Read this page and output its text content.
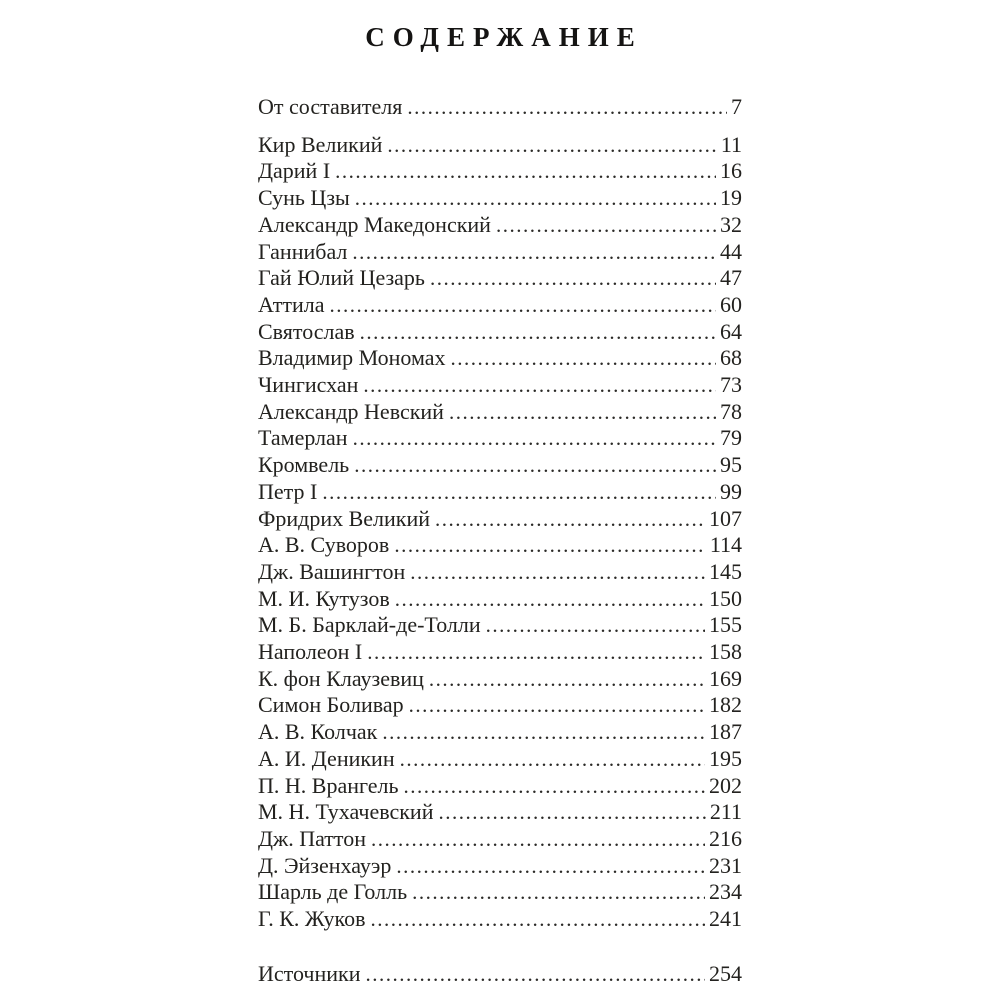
СОДЕРЖАНИЕ
От составителя .....	7
Кир Великий .....	11
Дарий I .....	16
Сунь Цзы .....	19
Александр Македонский .....	32
Ганнибал .....	44
Гай Юлий Цезарь .....	47
Аттила .....	60
Святослав .....	64
Владимир Мономах .....	68
Чингисхан .....	73
Александр Невский .....	78
Тамерлан .....	79
Кромвель .....	95
Петр I .....	99
Фридрих Великий .....	107
А. В. Суворов .....	114
Дж. Вашингтон .....	145
М. И. Кутузов .....	150
М. Б. Барклай-де-Толли .....	155
Наполеон I .....	158
К. фон Клаузевиц .....	169
Симон Боливар .....	182
А. В. Колчак .....	187
А. И. Деникин .....	195
П. Н. Врангель .....	202
М. Н. Тухачевский .....	211
Дж. Паттон .....	216
Д. Эйзенхауэр .....	231
Шарль де Голль .....	234
Г. К. Жуков .....	241
Источники .....	254
